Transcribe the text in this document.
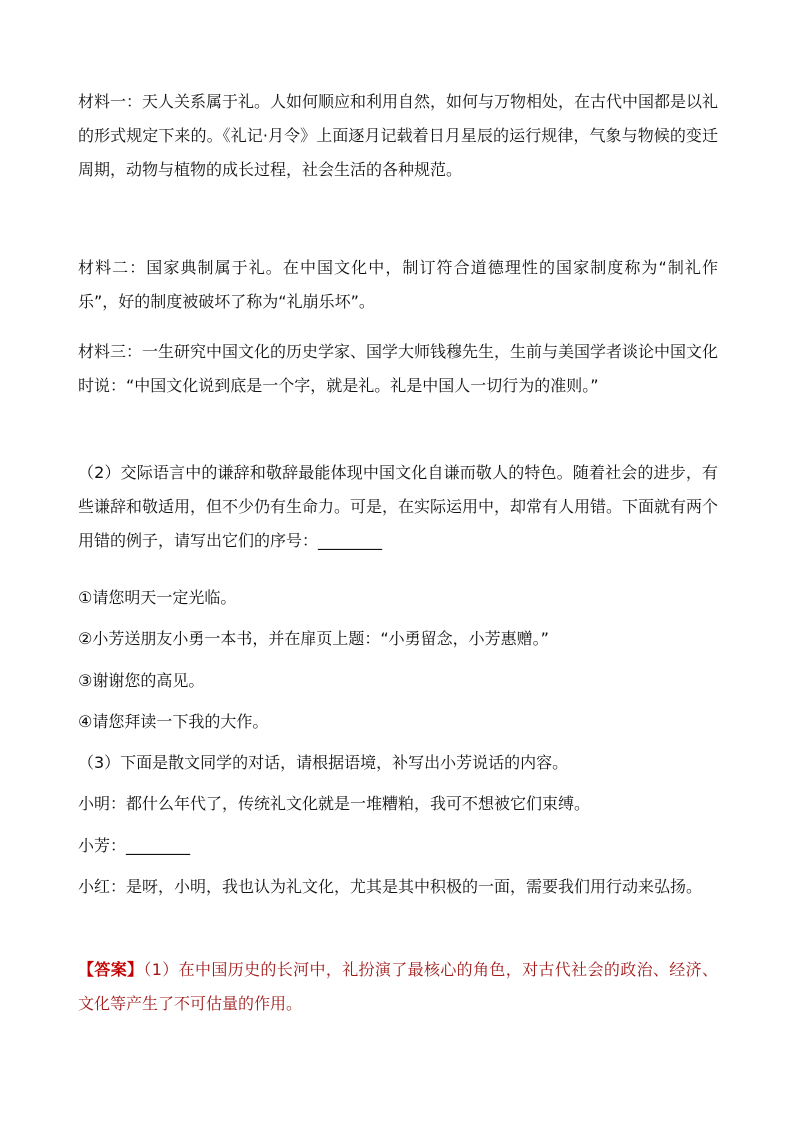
材料一：天人关系属于礼。人如何顺应和利用自然，如何与万物相处，在古代中国都是以礼的形式规定下来的。《礼记·月令》上面逐月记载着日月星辰的运行规律，气象与物候的变迁周期，动物与植物的成长过程，社会生活的各种规范。

材料二：国家典制属于礼。在中国文化中，制订符合道德理性的国家制度称为“制礼作乐”，好的制度被破坏了称为“礼崩乐坏”。

材料三：一生研究中国文化的历史学家、国学大师钱穆先生，生前与美国学者谈论中国文化时说：“中国文化说到底是一个字，就是礼。礼是中国人一切行为的准则。”

（2）交际语言中的谦辞和敬辞最能体现中国文化自谦而敬人的特色。随着社会的进步，有些谦辞和敬适用，但不少仍有生命力。可是，在实际运用中，却常有人用错。下面就有两个用错的例子，请写出它们的序号：________

①请您明天一定光临。

②小芳送朋友小勇一本书，并在扉页上题：“小勇留念，小芳惠赠。”

③谢谢您的高见。

④请您拜读一下我的大作。

（3）下面是散文同学的对话，请根据语境，补写出小芳说话的内容。

小明：都什么年代了，传统礼文化就是一堆糟粕，我可不想被它们束缚。

小芳：________

小红：是呀，小明，我也认为礼文化，尤其是其中积极的一面，需要我们用行动来弘扬。

【答案】（1）在中国历史的长河中，礼扮演了最核心的角色，对古代社会的政治、经济、文化等产生了不可估量的作用。
